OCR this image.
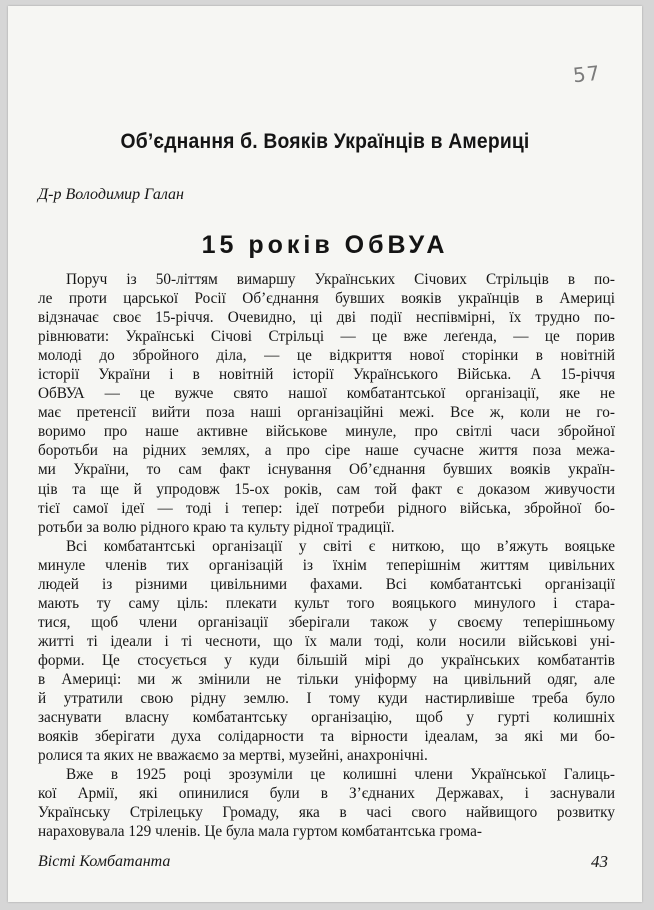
57
Об’єднання б. Вояків Українців в Америці
Д-р Володимир Галан
15 років ОбВУА
Поруч із 50-літтям вимаршу Українських Січових Стрільців в по-
ле проти царської Росії Об’єднання бувших вояків українців в Америці
відзначає своє 15-річчя. Очевидно, ці дві події неспівмірні, їх трудно по-
рівнювати: Українські Січові Стрільці — це вже леґенда, — це порив
молоді до збройного діла, — це відкриття нової сторінки в новітній
історії України і в новітній історії Українського Війська. А 15-річчя
ОбВУА — це вужче свято нашої комбатантської організації, яке не
має претенсії вийти поза наші організаційні межі. Все ж, коли не го-
воримо про наше активне військове минуле, про світлі часи збройної
боротьби на рідних землях, а про сіре наше сучасне життя поза межа-
ми України, то сам факт існування Об’єднання бувших вояків україн-
ців та ще й упродовж 15-ох років, сам той факт є доказом живучости
тієї самої ідеї — тоді і тепер: ідеї потреби рідного війська, збройної бо-
ротьби за волю рідного краю та культу рідної традиції.
Всі комбатантські організації у світі є ниткою, що в’яжуть вояцьке
минуле членів тих організацій із їхнім теперішнім життям цивільних
людей із різними цивільними фахами. Всі комбатантські організації
мають ту саму ціль: плекати культ того вояцького минулого і стара-
тися, щоб члени організації зберігали також у своєму теперішньому
житті ті ідеали і ті чесноти, що їх мали тоді, коли носили військові уні-
форми. Це стосується у куди більшій мірі до українських комбатантів
в Америці: ми ж змінили не тільки уніформу на цивільний одяг, але
й утратили свою рідну землю. І тому куди настирливіше треба було
заснувати власну комбатантську організацію, щоб у гурті колишніх
вояків зберігати духа солідарности та вірности ідеалам, за які ми бо-
ролися та яких не вважаємо за мертві, музейні, анахронічні.
Вже в 1925 році зрозуміли це колишні члени Української Галиць-
кої Армії, які опинилися були в З’єднаних Державах, і заснували
Українську Стрілецьку Громаду, яка в часі свого найвищого розвитку
нараховувала 129 членів. Це була мала гуртом комбатантська грома-
Вісті Комбатанта	43
